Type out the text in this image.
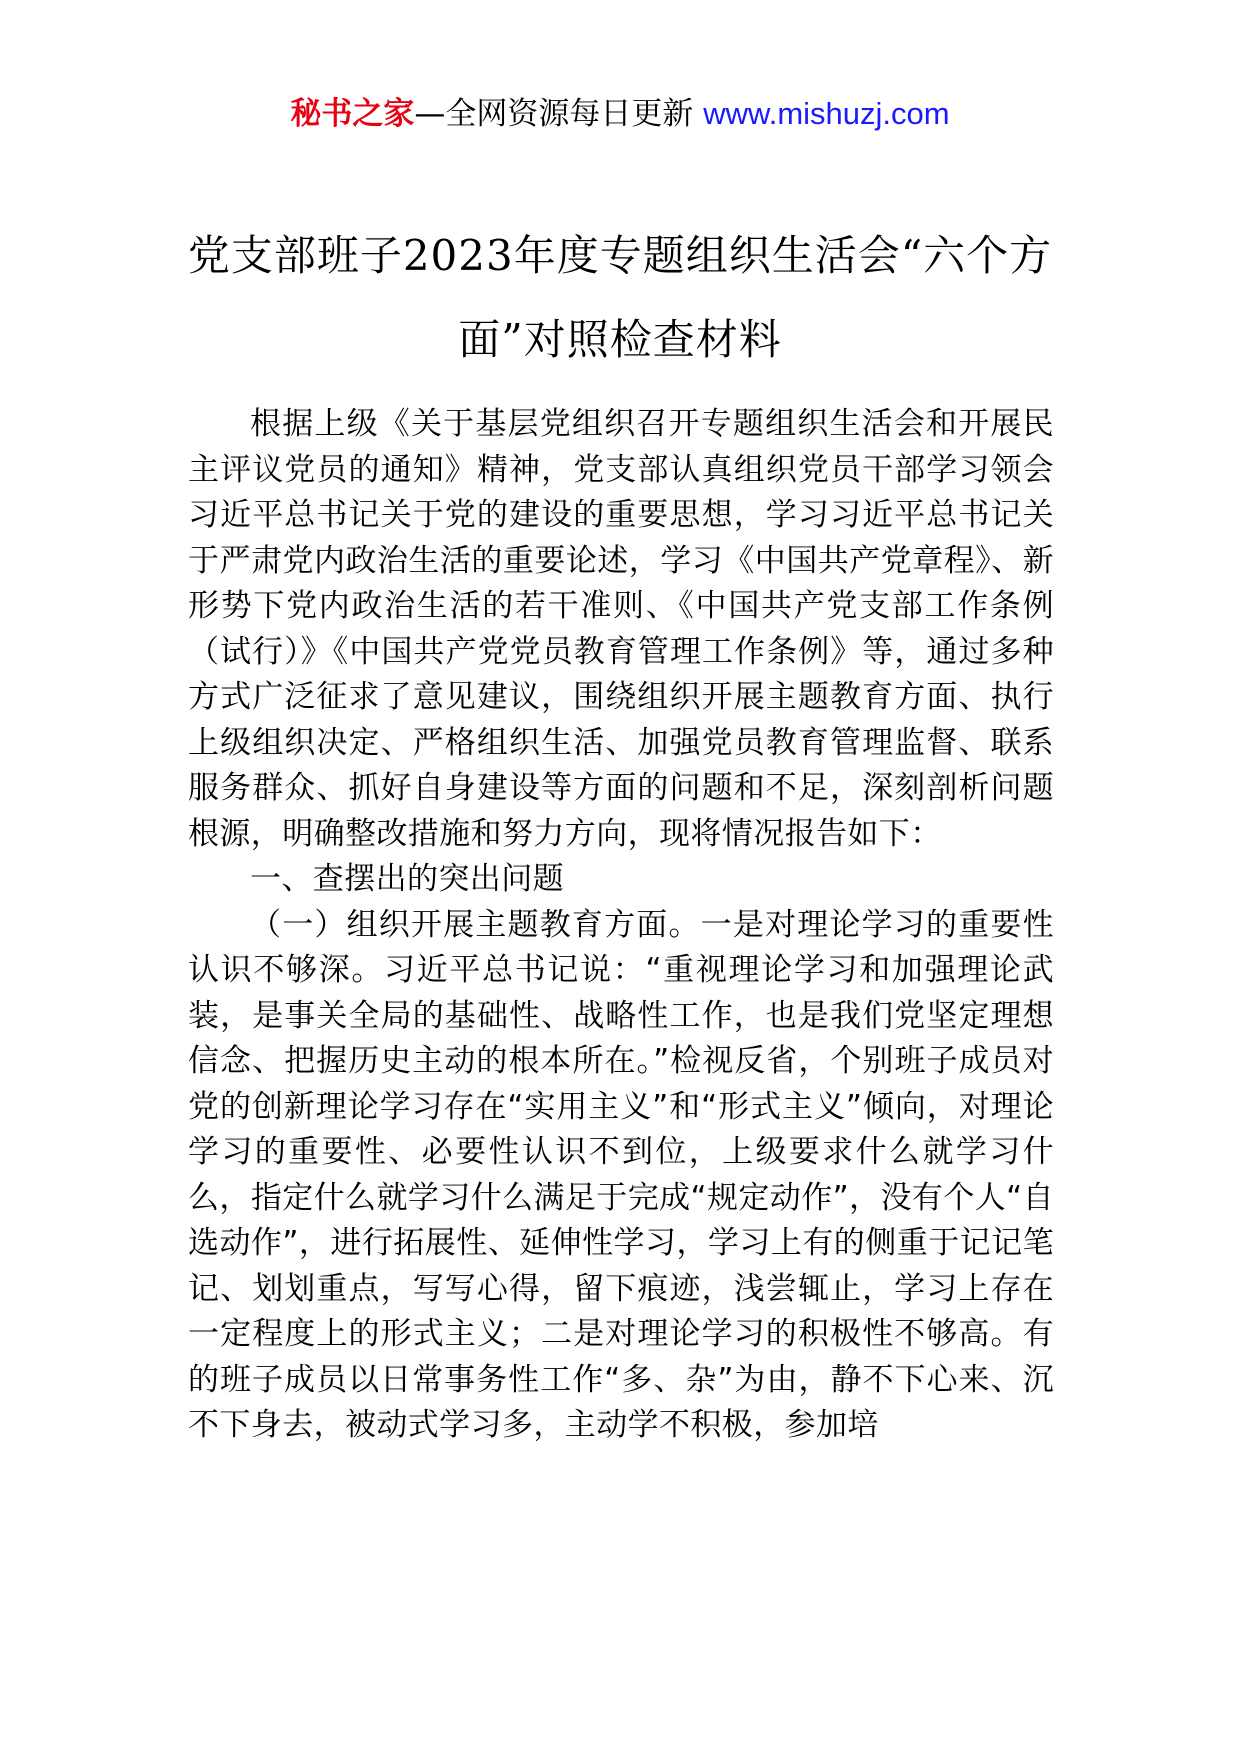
秘书之家—全网资源每日更新 www.mishuzj.com
党支部班子2023年度专题组织生活会“六个方面”对照检查材料

根据上级《关于基层党组织召开专题组织生活会和开展民主评议党员的通知》精神，党支部认真组织党员干部学习领会习近平总书记关于党的建设的重要思想，学习习近平总书记关于严肃党内政治生活的重要论述，学习《中国共产党章程》、新形势下党内政治生活的若干准则、《中国共产党支部工作条例（试行）》《中国共产党党员教育管理工作条例》等，通过多种方式广泛征求了意见建议，围绕组织开展主题教育方面、执行上级组织决定、严格组织生活、加强党员教育管理监督、联系服务群众、抓好自身建设等方面的问题和不足，深刻剖析问题根源，明确整改措施和努力方向，现将情况报告如下：

一、查摆出的突出问题

（一）组织开展主题教育方面。一是对理论学习的重要性认识不够深。习近平总书记说：“重视理论学习和加强理论武装，是事关全局的基础性、战略性工作，也是我们党坚定理想信念、把握历史主动的根本所在。”检视反省，个别班子成员对党的创新理论学习存在“实用主义”和“形式主义”倾向，对理论学习的重要性、必要性认识不到位，上级要求什么就学习什么，指定什么就学习什么满足于完成“规定动作”，没有个人“自选动作”，进行拓展性、延伸性学习，学习上有的侧重于记记笔记、划划重点，写写心得，留下痕迹，浅尝辄止，学习上存在一定程度上的形式主义；二是对理论学习的积极性不够高。有的班子成员以日常事务性工作“多、杂”为由，静不下心来、沉不下身去，被动式学习多，主动学不积极，参加培
